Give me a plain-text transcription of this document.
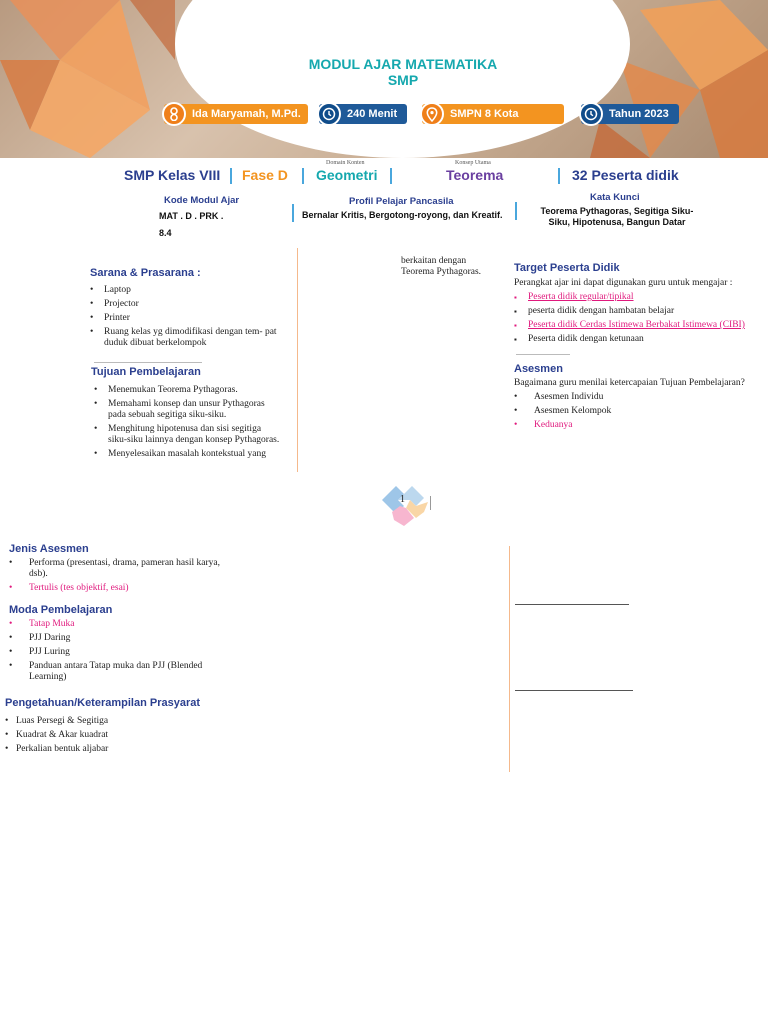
MODUL AJAR MATEMATIKA
SMP
Ida Maryamah, M.Pd.	240 Menit	SMPN 8 Kota	Tahun 2023
SMP Kelas VIII Fase D
Domain Konten
Geometri
Konsep Utama
Teorema	32 Peserta didik
Kode Modul Ajar
MAT . D . PRK .
8.4
Profil Pelajar Pancasila
Bernalar Kritis, Bergotong-royong, dan Kreatif.
Kata Kunci
Teorema Pythagoras, Segitiga Siku-Siku, Hipotenusa, Bangun Datar
Sarana & Prasarana :
• Laptop
• Projector
• Printer
• Ruang kelas yg dimodifikasi dengan tem- pat duduk dibuat berkelompok
Tujuan Pembelajaran
• Menemukan Teorema Pythagoras.
• Memahami konsep dan unsur Pythagoras pada sebuah segitiga siku-siku.
• Menghitung hipotenusa dan sisi segitiga siku-siku lainnya dengan konsep Pythagoras.
• Menyelesaikan masalah kontekstual yang
berkaitan dengan Teorema Pythagoras.	Target Peserta Didik
Perangkat ajar ini dapat digunakan guru untuk mengajar :
▪ Peserta didik regular/tipikal
▪ peserta didik dengan hambatan belajar
▪ Peserta didik Cerdas Istimewa Berbakat Istimewa (CIBI)
▪ Peserta didik dengan ketunaan
Asesmen
Bagaimana guru menilai ketercapaian Tujuan Pembelajaran?
• Asesmen Individu
• Asesmen Kelompok
• Keduanya
1
Jenis Asesmen
• Performa (presentasi, drama, pameran hasil karya, dsb).
• Tertulis (tes objektif, esai)
Moda Pembelajaran
• Tatap Muka
• PJJ Daring
• PJJ Luring
• Panduan antara Tatap muka dan PJJ (Blended Learning)
Pengetahuan/Keterampilan Prasyarat
• Luas Persegi & Segitiga
• Kuadrat & Akar kuadrat
• Perkalian bentuk aljabar
